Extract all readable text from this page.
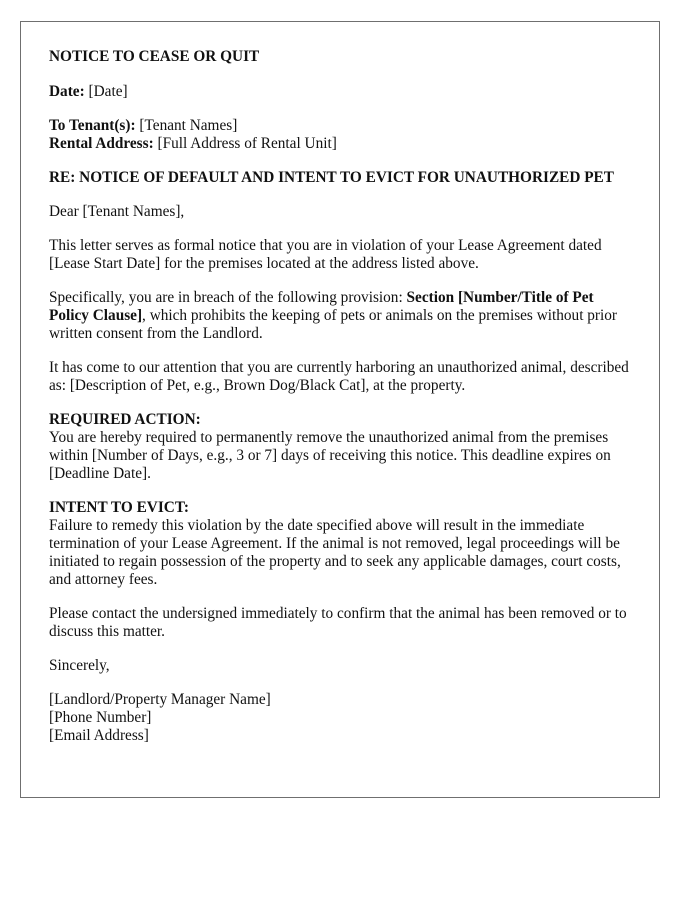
NOTICE TO CEASE OR QUIT

Date: [Date]

To Tenant(s): [Tenant Names]
Rental Address: [Full Address of Rental Unit]

RE: NOTICE OF DEFAULT AND INTENT TO EVICT FOR UNAUTHORIZED PET

Dear [Tenant Names],

This letter serves as formal notice that you are in violation of your Lease Agreement dated [Lease Start Date] for the premises located at the address listed above.

Specifically, you are in breach of the following provision: Section [Number/Title of Pet Policy Clause], which prohibits the keeping of pets or animals on the premises without prior written consent from the Landlord.

It has come to our attention that you are currently harboring an unauthorized animal, described as: [Description of Pet, e.g., Brown Dog/Black Cat], at the property.

REQUIRED ACTION:
You are hereby required to permanently remove the unauthorized animal from the premises within [Number of Days, e.g., 3 or 7] days of receiving this notice. This deadline expires on [Deadline Date].

INTENT TO EVICT:
Failure to remedy this violation by the date specified above will result in the immediate termination of your Lease Agreement. If the animal is not removed, legal proceedings will be initiated to regain possession of the property and to seek any applicable damages, court costs, and attorney fees.

Please contact the undersigned immediately to confirm that the animal has been removed or to discuss this matter.

Sincerely,

[Landlord/Property Manager Name]
[Phone Number]
[Email Address]
